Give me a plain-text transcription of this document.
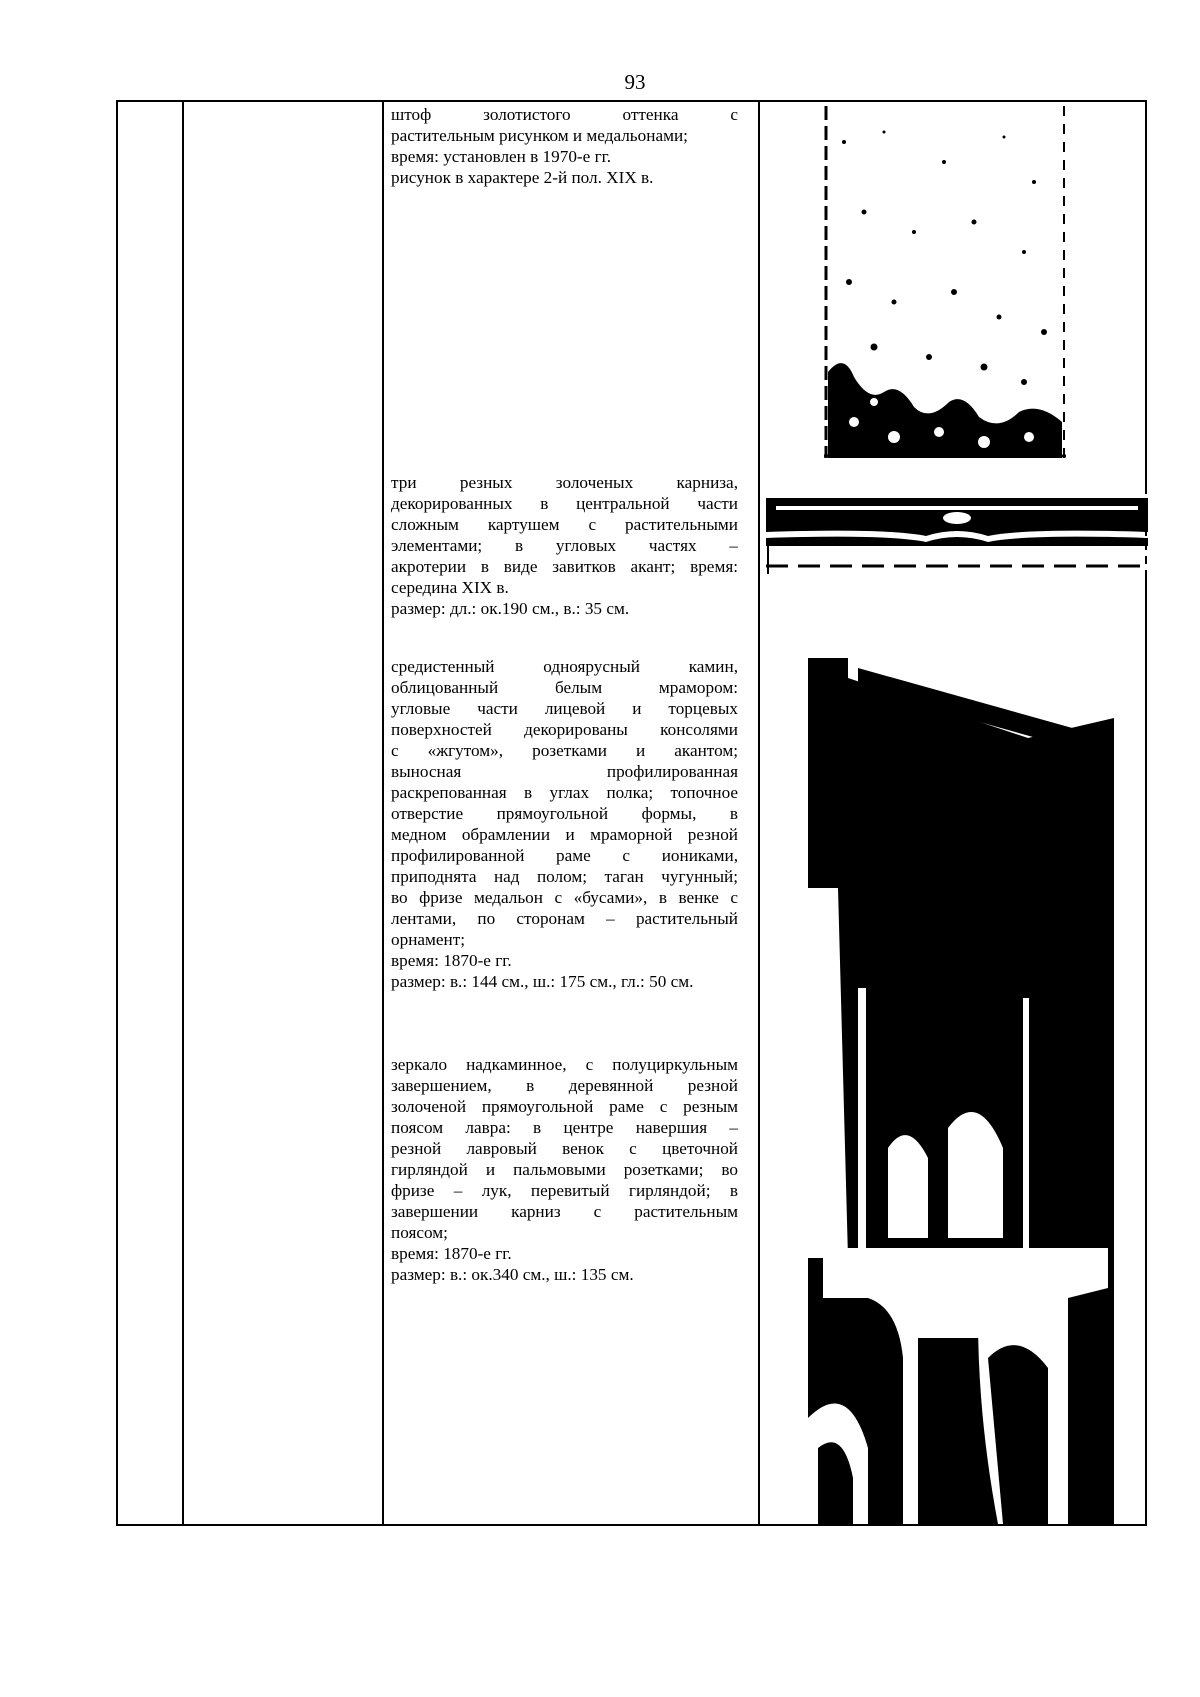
93

штоф золотистого оттенка с
растительным рисунком и медальонами;
время: установлен в 1970-е гг.
рисунок в характере 2-й пол. XIX в.

три резных золоченых карниза,
декорированных в центральной части
сложным картушем с растительными
элементами; в угловых частях –
акротерии в виде завитков акант; время:
середина XIX в.
размер: дл.: ок.190 см., в.: 35 см.

средистенный одноярусный камин,
облицованный белым мрамором:
угловые части лицевой и торцевых
поверхностей декорированы консолями
с «жгутом», розетками и акантом;
выносная профилированная
раскрепованная в углах полка; топочное
отверстие прямоугольной формы, в
медном обрамлении и мраморной резной
профилированной раме с иониками,
приподнята над полом; таган чугунный;
во фризе медальон с «бусами», в венке с
лентами, по сторонам – растительный
орнамент;
время: 1870-е гг.
размер: в.: 144 см., ш.: 175 см., гл.: 50 см.

зеркало надкаминное, с полуциркульным
завершением, в деревянной резной
золоченой прямоугольной раме с резным
поясом лавра: в центре навершия –
резной лавровый венок с цветочной
гирляндой и пальмовыми розетками; во
фризе – лук, перевитый гирляндой; в
завершении карниз с растительным
поясом;
время: 1870-е гг.
размер: в.: ок.340 см., ш.: 135 см.
